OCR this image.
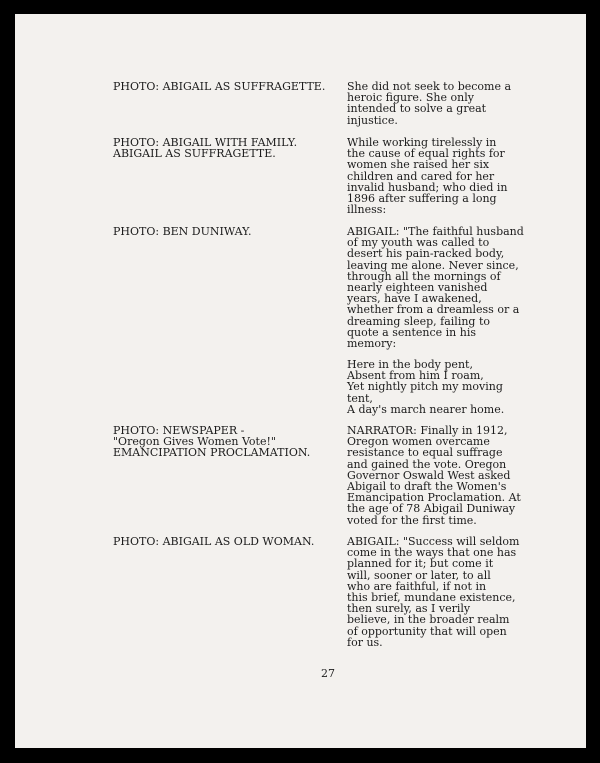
PHOTO: ABIGAIL AS SUFFRAGETTE. She did not seek to become a
heroic figure. She only
intended to solve a great
injustice.
PHOTO: ABIGAIL WITH FAMILY.
ABIGAIL AS SUFFRAGETTE.
While working tirelessly in
the cause of equal rights for
women she raised her six
children and cared for her
invalid husband; who died in
1896 after suffering a long
illness:
PHOTO: BEN DUNIWAY.	ABIGAIL: "The faithful husband
of my youth was called to
desert his pain-racked body,
leaving me alone. Never since,
through all the mornings of
nearly eighteen vanished
years, have I awakened,
whether from a dreamless or a
dreaming sleep, failing to
quote a sentence in his
memory:
Here in the body pent,
Absent from him I roam,
Yet nightly pitch my moving
tent,
A day's march nearer home.
PHOTO: NEWSPAPER -
"Oregon Gives Women Vote!"
EMANCIPATION PROCLAMATION.
NARRATOR: Finally in 1912,
Oregon women overcame
resistance to equal suffrage
and gained the vote. Oregon
Governor Oswald West asked
Abigail to draft the Women's
Emancipation Proclamation. At
the age of 78 Abigail Duniway
voted for the first time.
PHOTO: ABIGAIL AS OLD WOMAN.	ABIGAIL: "Success will seldom
come in the ways that one has
planned for it; but come it
will, sooner or later, to all
who are faithful, if not in
this brief, mundane existence,
then surely, as I verily
believe, in the broader realm
of opportunity that will open
for us.
27
